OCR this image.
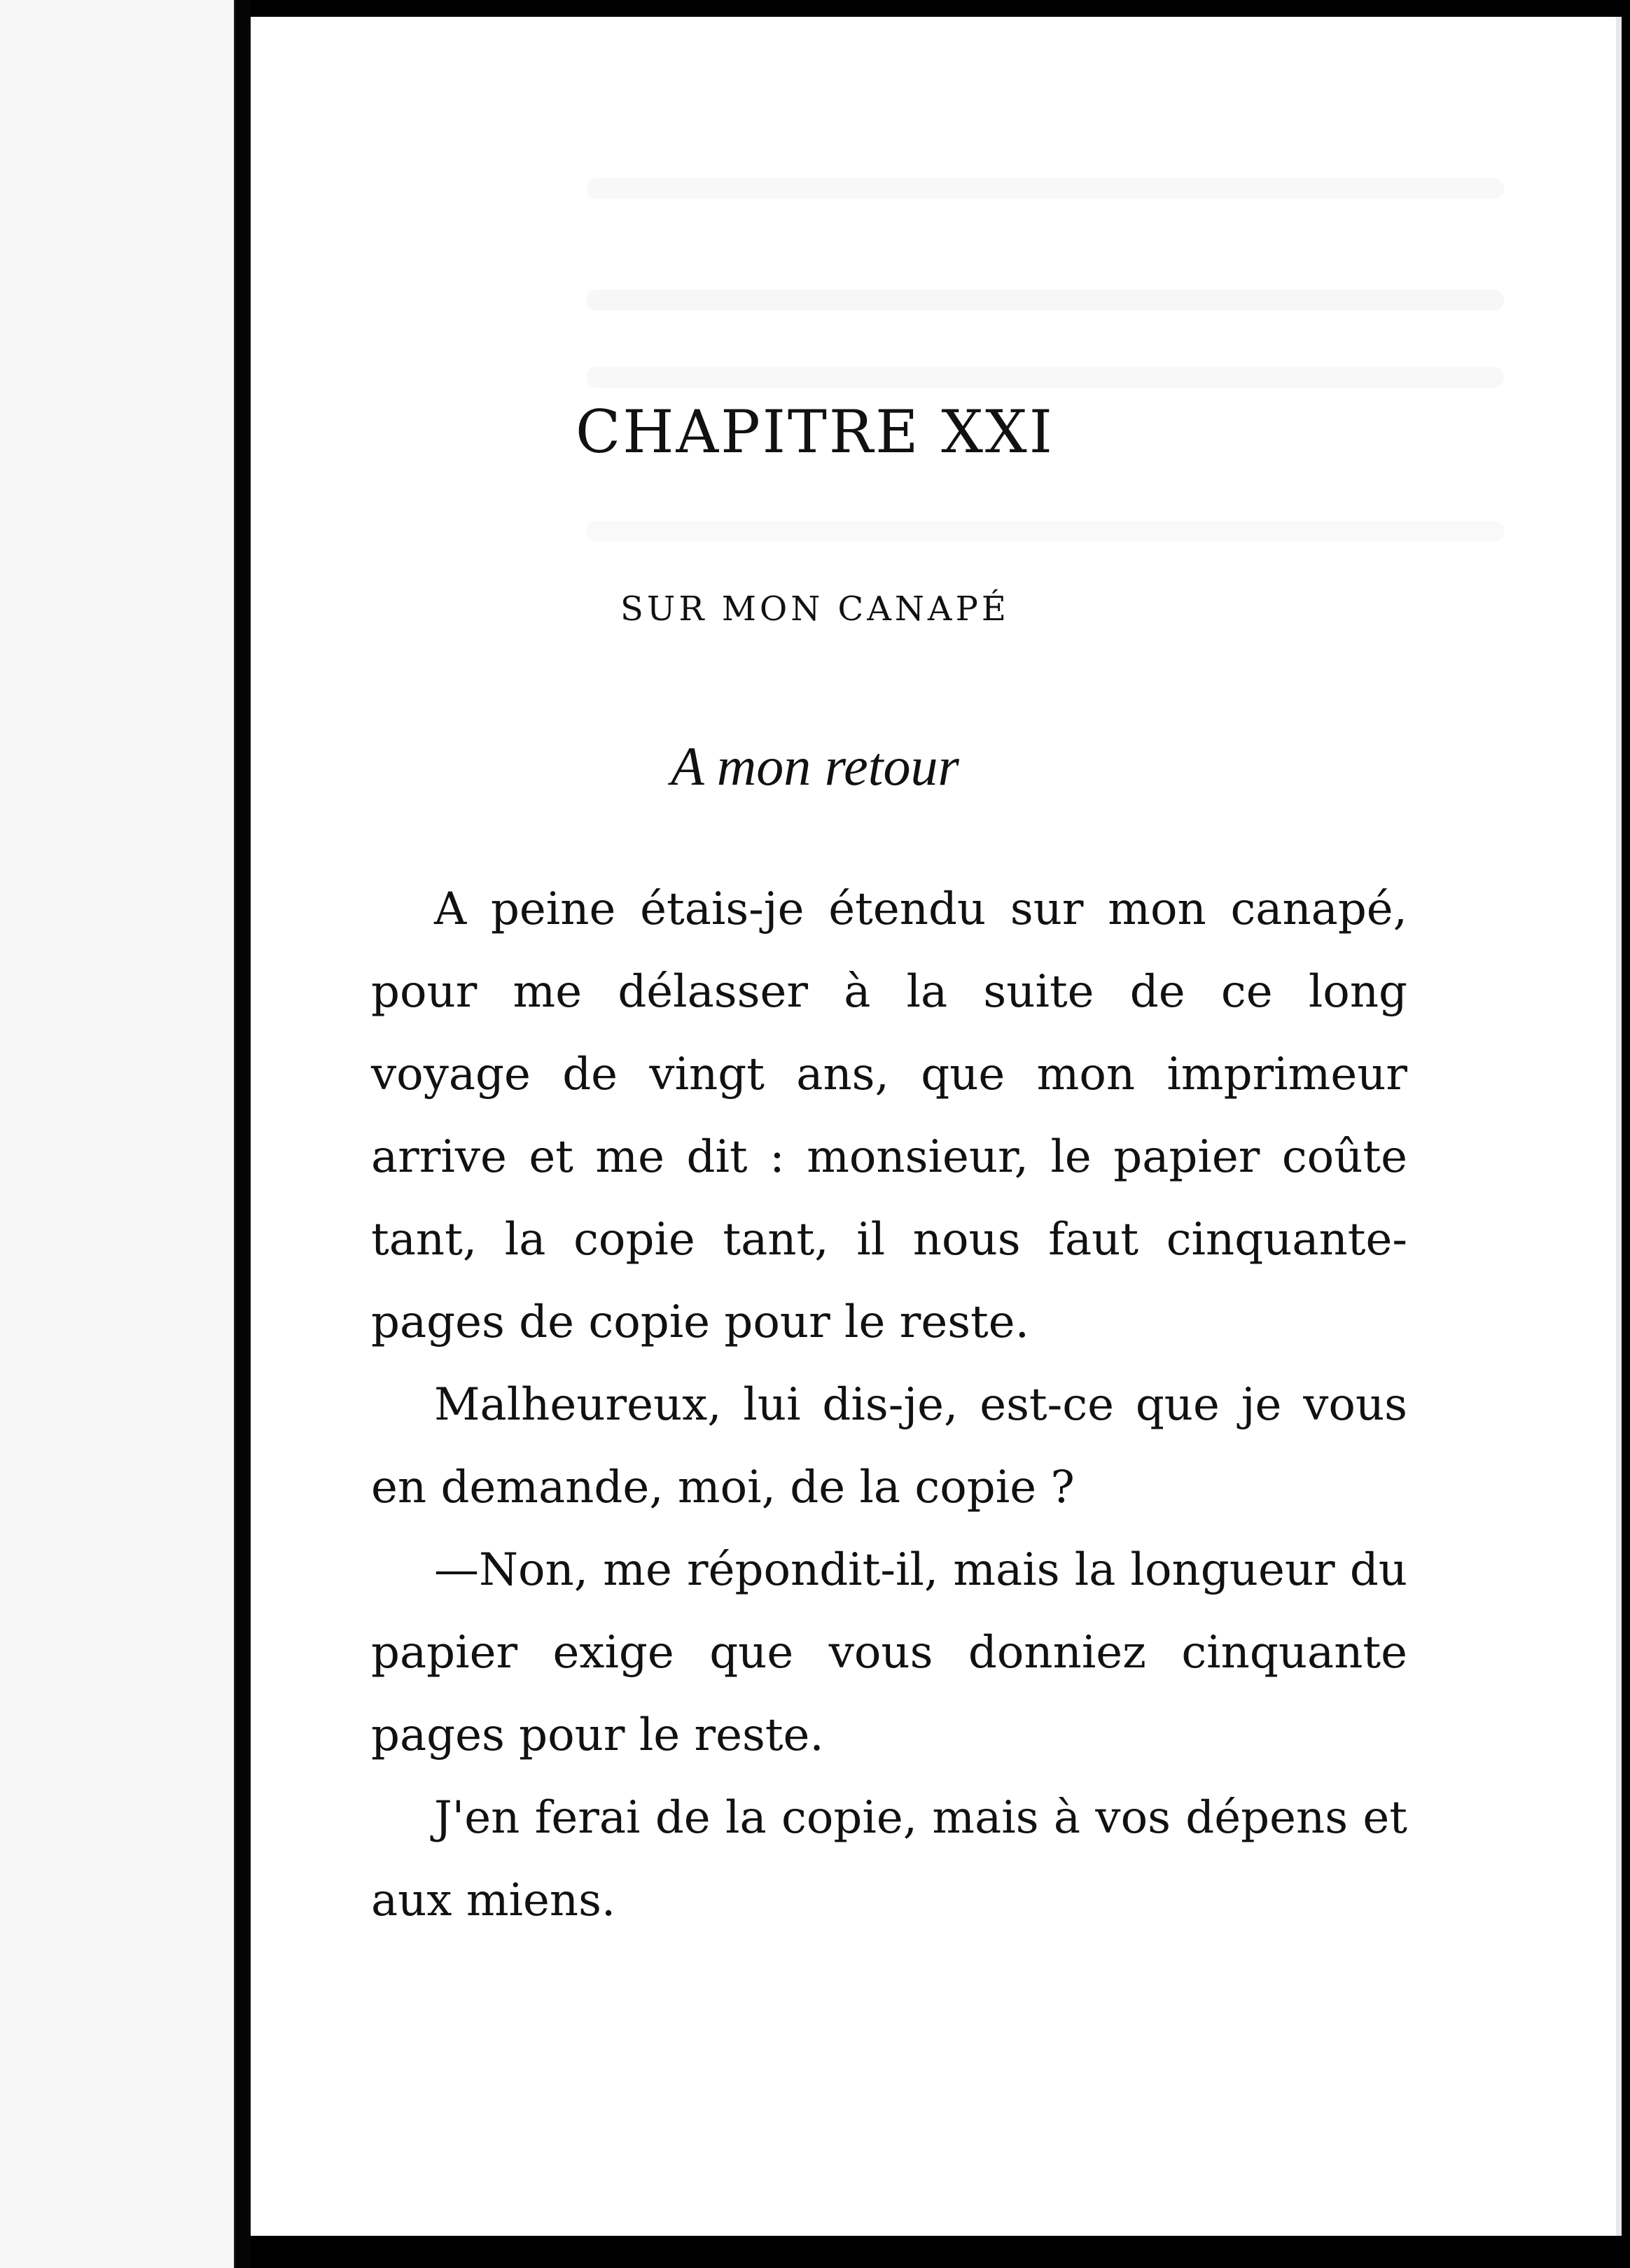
CHAPITRE XXI
SUR MON CANAPÉ
A mon retour

A peine étais-je étendu sur mon canapé, pour me délasser à la suite de ce long voyage de vingt ans, que mon imprimeur arrive et me dit : monsieur, le papier coûte tant, la copie tant, il nous faut cinquante-pages de copie pour le reste.

Malheureux, lui dis-je, est-ce que je vous en demande, moi, de la copie ?

—Non, me répondit-il, mais la longueur du papier exige que vous donniez cinquante pages pour le reste.

J'en ferai de la copie, mais à vos dépens et aux miens.
